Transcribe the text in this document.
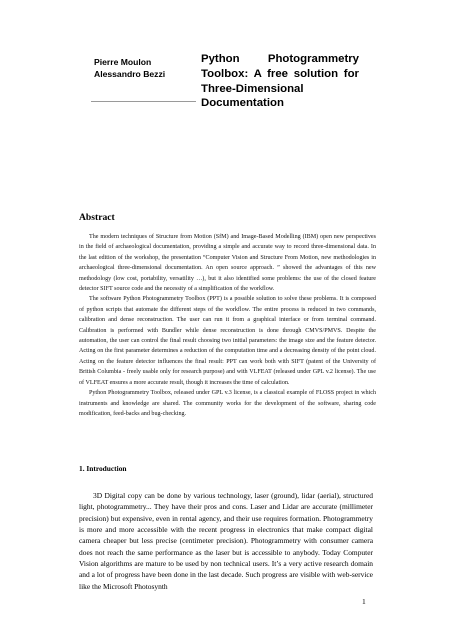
Pierre Moulon
Alessandro Bezzi
Python Photogrammetry Toolbox: A free solution for Three-Dimensional Documentation
Abstract

The modern techniques of Structure from Motion (SfM) and Image-Based Modelling (IBM) open new perspectives in the field of archaeological documentation, providing a simple and accurate way to record three-dimensional data. In the last edition of the workshop, the presentation “Computer Vision and Structure From Motion, new methodologies in archaeological three-dimensional documentation. An open source approach. ” showed the advantages of this new methodology (low cost, portability, versatility …), but it also identified some problems: the use of the closed feature detector SIFT source code and the necessity of a simplification of the workflow.

The software Python Photogrammetry Toolbox (PPT) is a possible solution to solve these problems. It is composed of python scripts that automate the different steps of the workflow. The entire process is reduced in two commands, calibration and dense reconstruction. The user can run it from a graphical interface or from terminal command. Calibration is performed with Bundler while dense reconstruction is done through CMVS/PMVS. Despite the automation, the user can control the final result choosing two initial parameters: the image size and the feature detector. Acting on the first parameter determines a reduction of the computation time and a decreasing density of the point cloud. Acting on the feature detector influences the final result: PPT can work both with SIFT (patent of the University of British Columbia - freely usable only for research purpose) and with VLFEAT (released under GPL v.2 license). The use of VLFEAT ensures a more accurate result, though it increases the time of calculation.

Python Photogrammetry Toolbox, released under GPL v.3 license, is a classical example of FLOSS project in which instruments and knowledge are shared. The community works for the development of the software, sharing code modification, feed-backs and bug-checking.

1. Introduction

3D Digital copy can be done by various technology, laser (ground), lidar (aerial), structured light, photogrammetry... They have their pros and cons. Laser and Lidar are accurate (millimeter precision) but expensive, even in rental agency, and their use requires formation. Photogrammetry is more and more accessible with the recent progress in electronics that make compact digital camera cheaper but less precise (centimeter precision). Photogrammetry with consumer camera does not reach the same performance as the laser but is accessible to anybody. Today Computer Vision algorithms are mature to be used by non technical users. It’s a very active research domain and a lot of progress have been done in the last decade. Such progress are visible with web-service like the Microsoft Photosynth

1
